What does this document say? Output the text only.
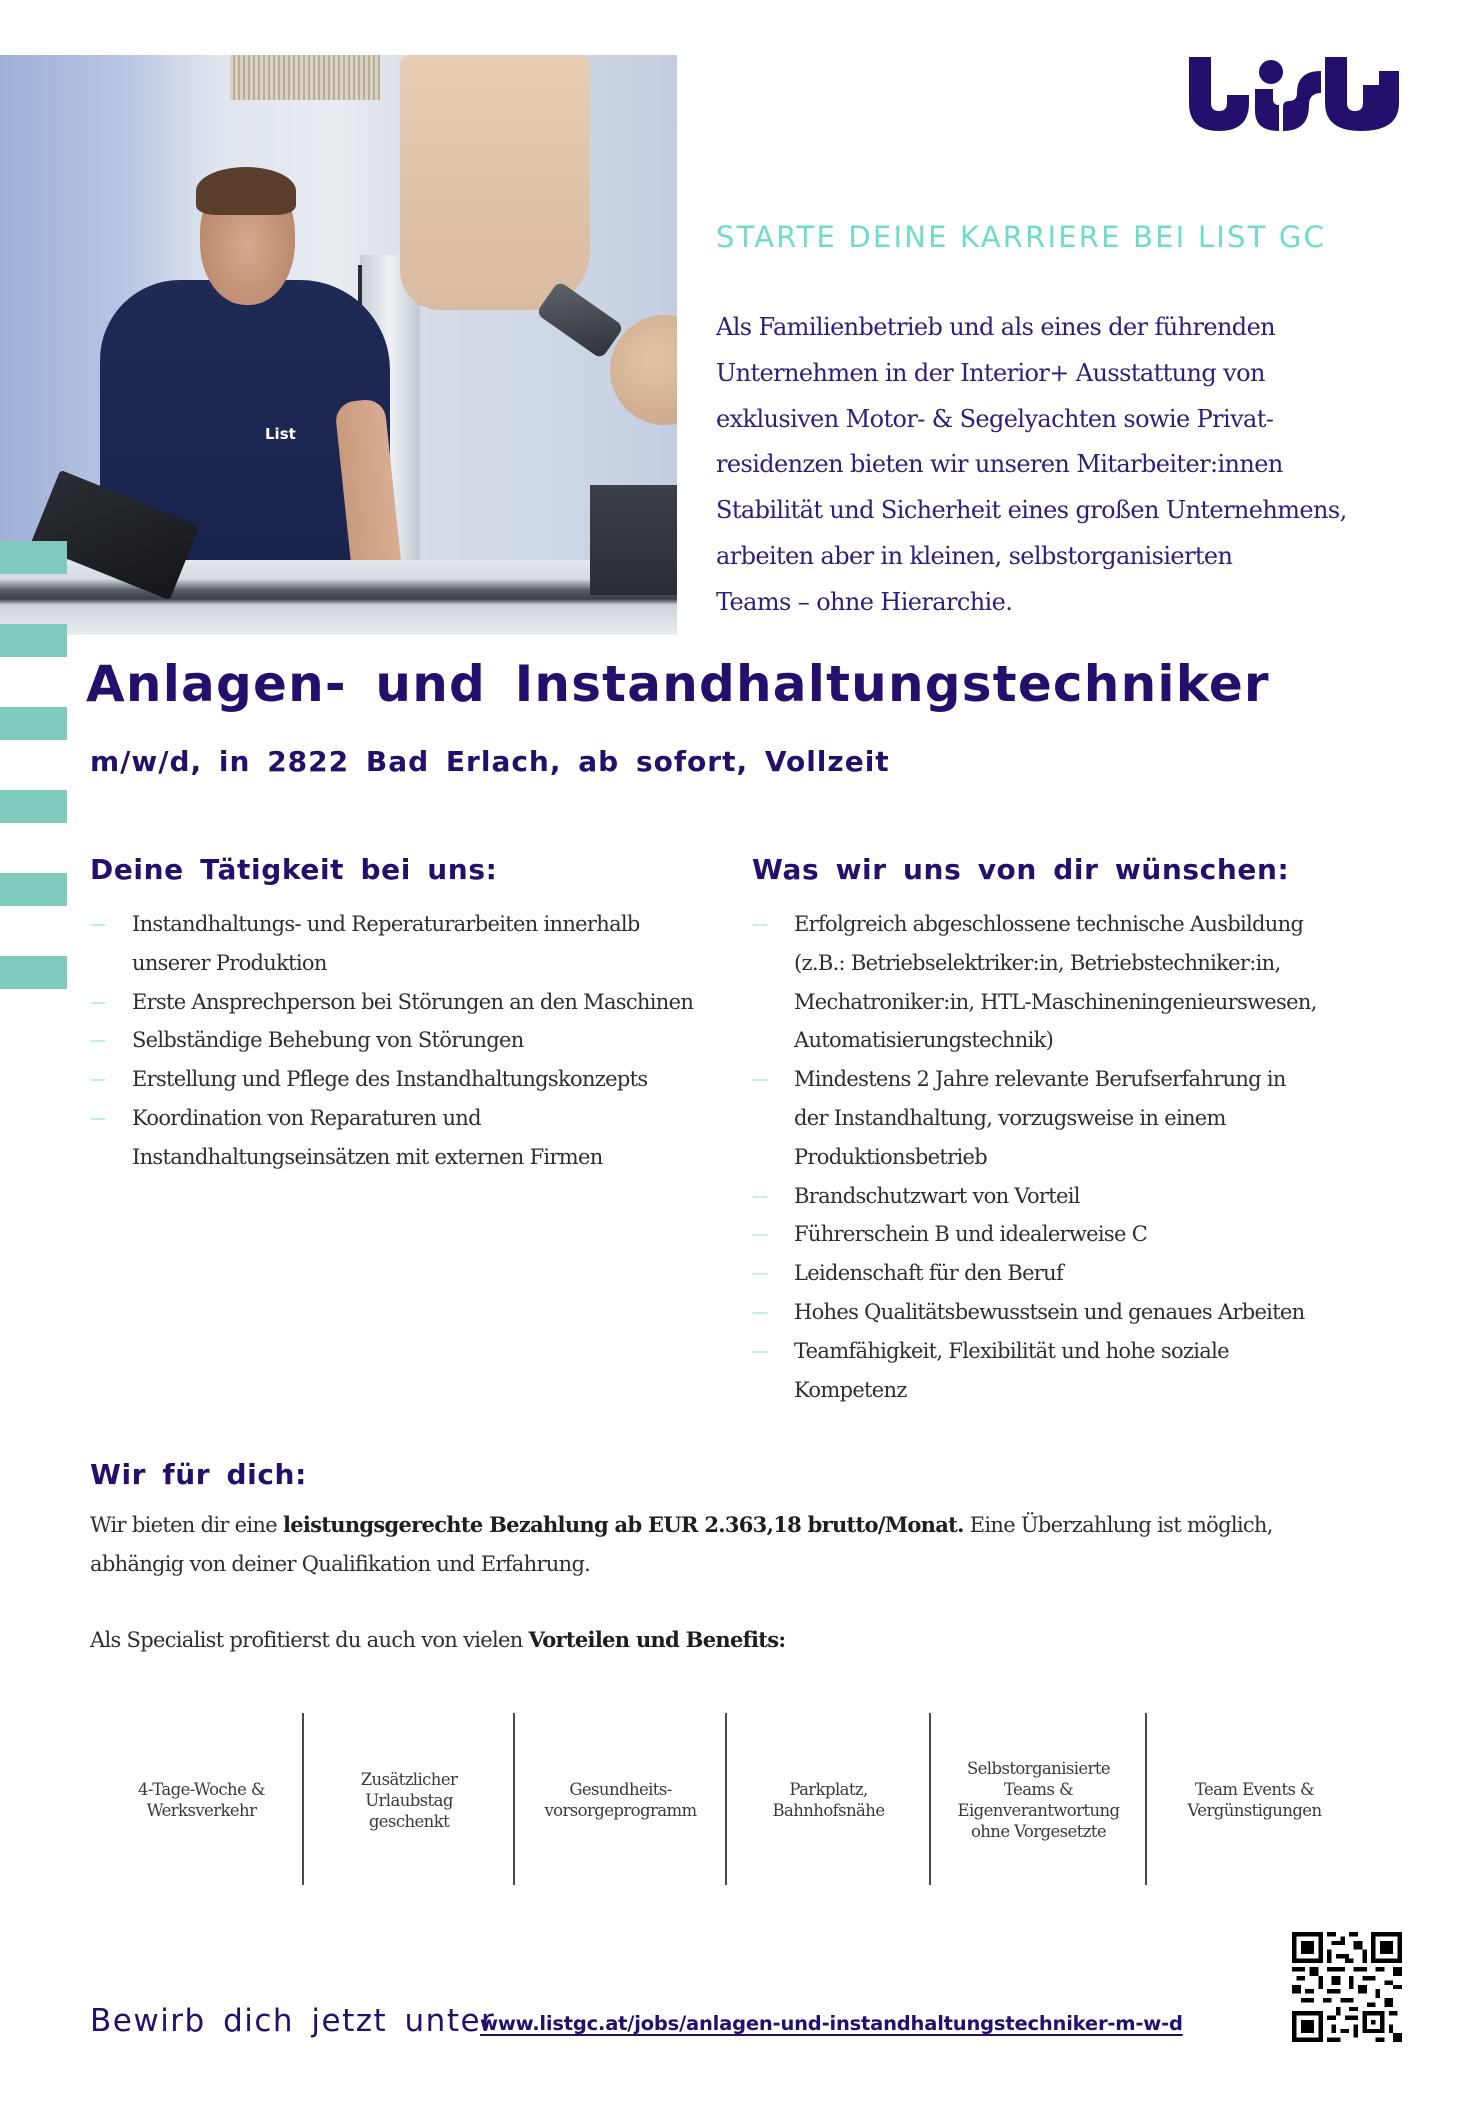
List
STARTE DEINE KARRIERE BEI LIST GC
Als Familienbetrieb und als eines der führenden
Unternehmen in der Interior+ Ausstattung von
exklusiven Motor- & Segelyachten sowie Privat-
residenzen bieten wir unseren Mitarbeiter:innen
Stabilität und Sicherheit eines großen Unternehmens,
arbeiten aber in kleinen, selbstorganisierten
Teams – ohne Hierarchie.
Anlagen- und Instandhaltungstechniker
m/w/d, in 2822 Bad Erlach, ab sofort, Vollzeit
Deine Tätigkeit bei uns:
— Instandhaltungs- und Reperaturarbeiten innerhalb
unserer Produktion
— Erste Ansprechperson bei Störungen an den Maschinen
— Selbständige Behebung von Störungen
— Erstellung und Pflege des Instandhaltungskonzepts
— Koordination von Reparaturen und
Instandhaltungseinsätzen mit externen Firmen
Was wir uns von dir wünschen:
— Erfolgreich abgeschlossene technische Ausbildung
(z.B.: Betriebselektriker:in, Betriebstechniker:in,
Mechatroniker:in, HTL-Maschineningenieurswesen,
Automatisierungstechnik)
— Mindestens 2 Jahre relevante Berufserfahrung in
der Instandhaltung, vorzugsweise in einem
Produktionsbetrieb
— Brandschutzwart von Vorteil
— Führerschein B und idealerweise C
— Leidenschaft für den Beruf
— Hohes Qualitätsbewusstsein und genaues Arbeiten
— Teamfähigkeit, Flexibilität und hohe soziale
Kompetenz
Wir für dich:

Wir bieten dir eine leistungsgerechte Bezahlung ab EUR 2.363,18 brutto/Monat. Eine Überzahlung ist möglich,
abhängig von deiner Qualifikation und Erfahrung.

Als Specialist profitierst du auch von vielen Vorteilen und Benefits:

4-Tage-Woche &
Werksverkehr
Zusätzlicher
Urlaubstag
geschenkt
Gesundheits-
vorsorgeprogramm
Parkplatz,
Bahnhofsnähe
Selbstorganisierte
Teams &
Eigenverantwortung
ohne Vorgesetzte
Team Events &
Vergünstigungen
Bewirb dich jetzt unter
www.listgc.at/jobs/anlagen-und-instandhaltungstechniker-m-w-d
